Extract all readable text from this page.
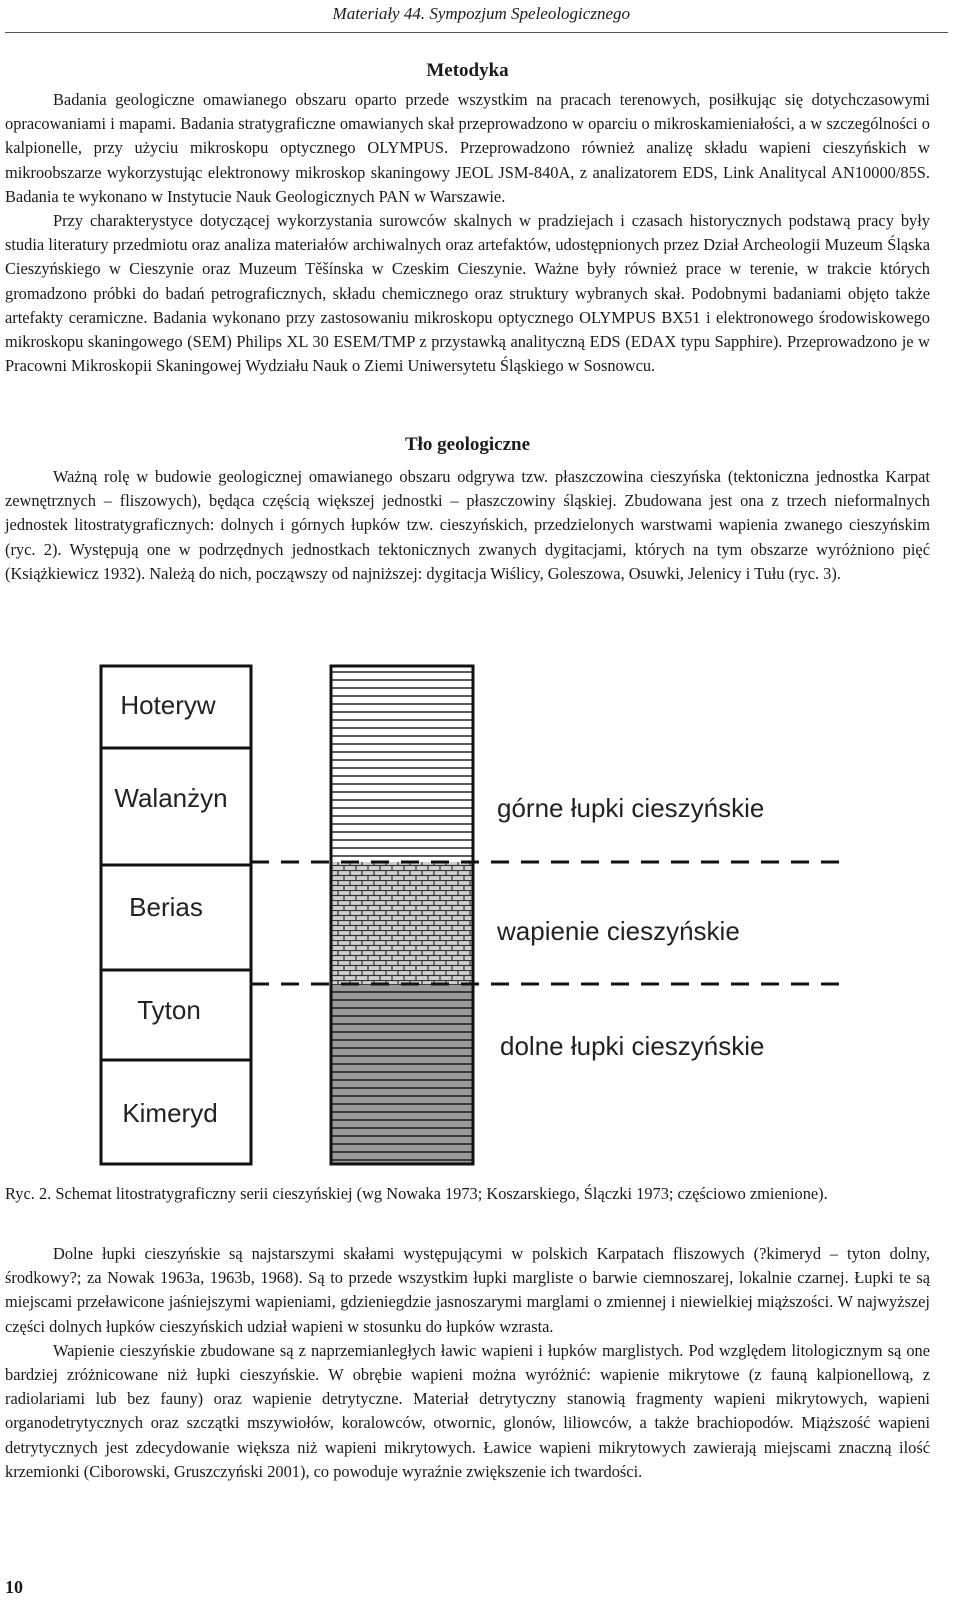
Materiały 44. Sympozjum Speleologicznego
Metodyka

Badania geologiczne omawianego obszaru oparto przede wszystkim na pracach terenowych, posiłkując się dotychczasowymi opracowaniami i mapami. Badania stratygraficzne omawianych skał przeprowadzono w oparciu o mikroskamieniałości, a w szczególności o kalpionelle, przy użyciu mikroskopu optycznego OLYMPUS. Przeprowadzono również analizę składu wapieni cieszyńskich w mikroobszarze wykorzystując elektronowy mikroskop skaningowy JEOL JSM-840A, z analizatorem EDS, Link Analitycal AN10000/85S. Badania te wykonano w Instytucie Nauk Geologicznych PAN w Warszawie.

Przy charakterystyce dotyczącej wykorzystania surowców skalnych w pradziejach i czasach historycznych podstawą pracy były studia literatury przedmiotu oraz analiza materiałów archiwalnych oraz artefaktów, udostępnionych przez Dział Archeologii Muzeum Śląska Cieszyńskiego w Cieszynie oraz Muzeum Těšínska w Czeskim Cieszynie. Ważne były również prace w terenie, w trakcie których gromadzono próbki do badań petrograficznych, składu chemicznego oraz struktury wybranych skał. Podobnymi badaniami objęto także artefakty ceramiczne. Badania wykonano przy zastosowaniu mikroskopu optycznego OLYMPUS BX51 i elektronowego środowiskowego mikroskopu skaningowego (SEM) Philips XL 30 ESEM/TMP z przystawką analityczną EDS (EDAX typu Sapphire). Przeprowadzono je w Pracowni Mikroskopii Skaningowej Wydziału Nauk o Ziemi Uniwersytetu Śląskiego w Sosnowcu.

Tło geologiczne

Ważną rolę w budowie geologicznej omawianego obszaru odgrywa tzw. płaszczowina cieszyńska (tektoniczna jednostka Karpat zewnętrznych – fliszowych), będąca częścią większej jednostki – płaszczowiny śląskiej. Zbudowana jest ona z trzech nieformalnych jednostek litostratygraficznych: dolnych i górnych łupków tzw. cieszyńskich, przedzielonych warstwami wapienia zwanego cieszyńskim (ryc. 2). Występują one w podrzędnych jednostkach tektonicznych zwanych dygitacjami, których na tym obszarze wyróżniono pięć (Książkiewicz 1932). Należą do nich, począwszy od najniższej: dygitacja Wiślicy, Goleszowa, Osuwki, Jelenicy i Tułu (ryc. 3).

Hoteryw
Walanżyn
Berias
Tyton
Kimeryd
górne łupki cieszyńskie
wapienie cieszyńskie
dolne łupki cieszyńskie
Ryc. 2. Schemat litostratygraficzny serii cieszyńskiej (wg Nowaka 1973; Koszarskiego, Ślączki 1973; częściowo zmienione).

Dolne łupki cieszyńskie są najstarszymi skałami występującymi w polskich Karpatach fliszowych (?kimeryd – tyton dolny, środkowy?; za Nowak 1963a, 1963b, 1968). Są to przede wszystkim łupki margliste o barwie ciemnoszarej, lokalnie czarnej. Łupki te są miejscami przeławicone jaśniejszymi wapieniami, gdzieniegdzie jasnoszarymi marglami o zmiennej i niewielkiej miąższości. W najwyższej części dolnych łupków cieszyńskich udział wapieni w stosunku do łupków wzrasta.

Wapienie cieszyńskie zbudowane są z naprzemianległych ławic wapieni i łupków marglistych. Pod względem litologicznym są one bardziej zróżnicowane niż łupki cieszyńskie. W obrębie wapieni można wyróżnić: wapienie mikrytowe (z fauną kalpionellową, z radiolariami lub bez fauny) oraz wapienie detrytyczne. Materiał detrytyczny stanowią fragmenty wapieni mikrytowych, wapieni organodetrytycznych oraz szczątki mszywiołów, koralowców, otwornic, glonów, liliowców, a także brachiopodów. Miąższość wapieni detrytycznych jest zdecydowanie większa niż wapieni mikrytowych. Ławice wapieni mikrytowych zawierają miejscami znaczną ilość krzemionki (Ciborowski, Gruszczyński 2001), co powoduje wyraźnie zwiększenie ich twardości.

10
